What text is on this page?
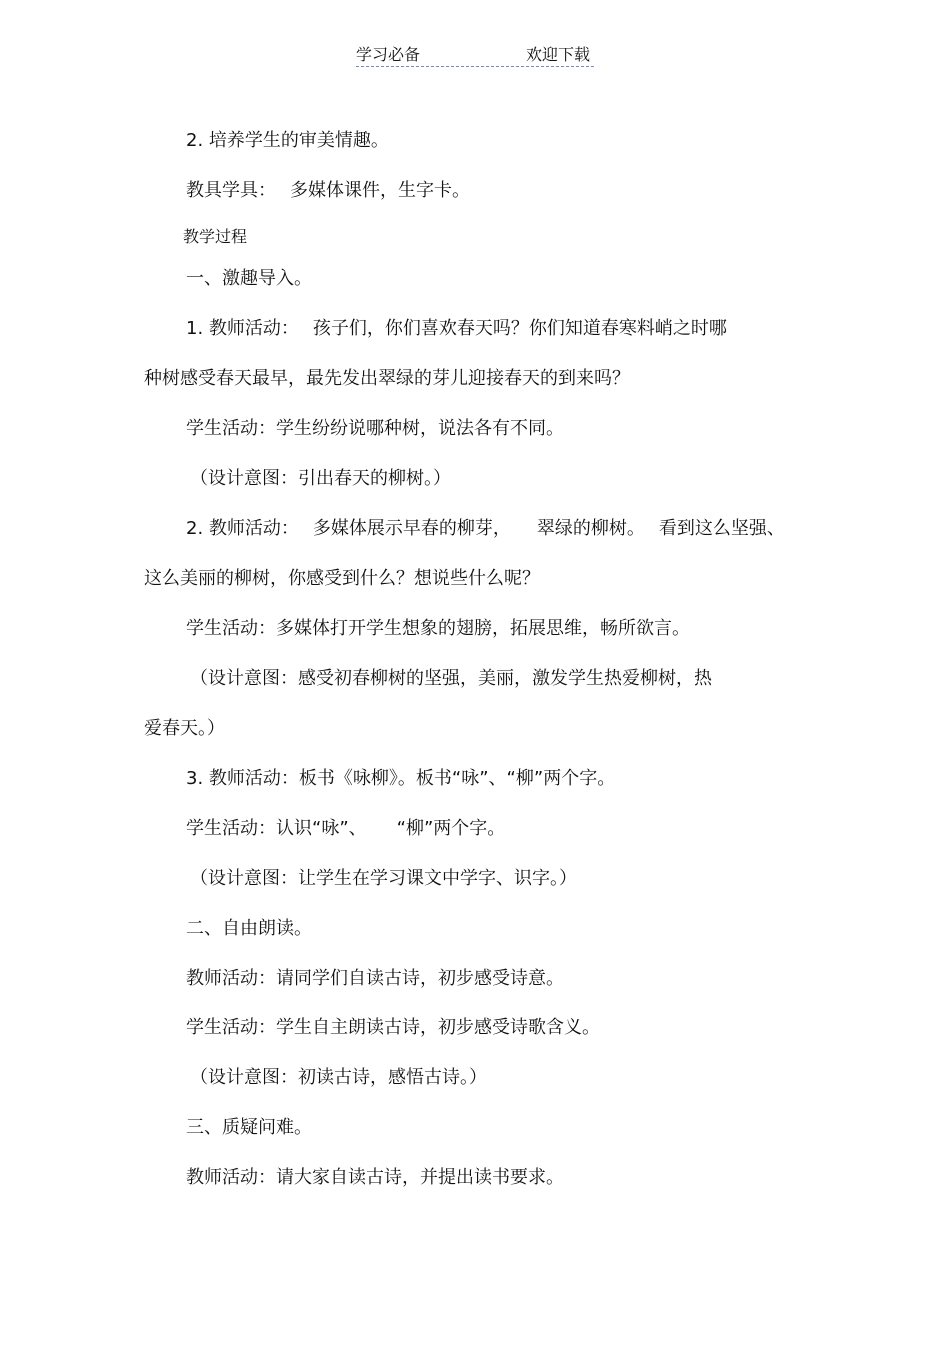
学习必备	欢迎下载
2. 培养学生的审美情趣。
教具学具： 多媒体课件，生字卡。
教学过程
一、激趣导入。
1. 教师活动： 孩子们，你们喜欢春天吗？你们知道春寒料峭之时哪
种树感受春天最早，最先发出翠绿的芽儿迎接春天的到来吗？
学生活动：学生纷纷说哪种树，说法各有不同。
（设计意图：引出春天的柳树。）
2. 教师活动： 多媒体展示早春的柳芽， 翠绿的柳树。 看到这么坚强、
这么美丽的柳树，你感受到什么？想说些什么呢？
学生活动：多媒体打开学生想象的翅膀，拓展思维，畅所欲言。
（设计意图：感受初春柳树的坚强，美丽，激发学生热爱柳树，热
爱春天。）
3. 教师活动：板书《咏柳》。板书“咏”、“柳”两个字。
学生活动：认识“咏”、 “柳”两个字。
（设计意图：让学生在学习课文中学字、识字。）
二、自由朗读。
教师活动：请同学们自读古诗，初步感受诗意。
学生活动：学生自主朗读古诗，初步感受诗歌含义。
（设计意图：初读古诗，感悟古诗。）
三、质疑问难。
教师活动：请大家自读古诗，并提出读书要求。
